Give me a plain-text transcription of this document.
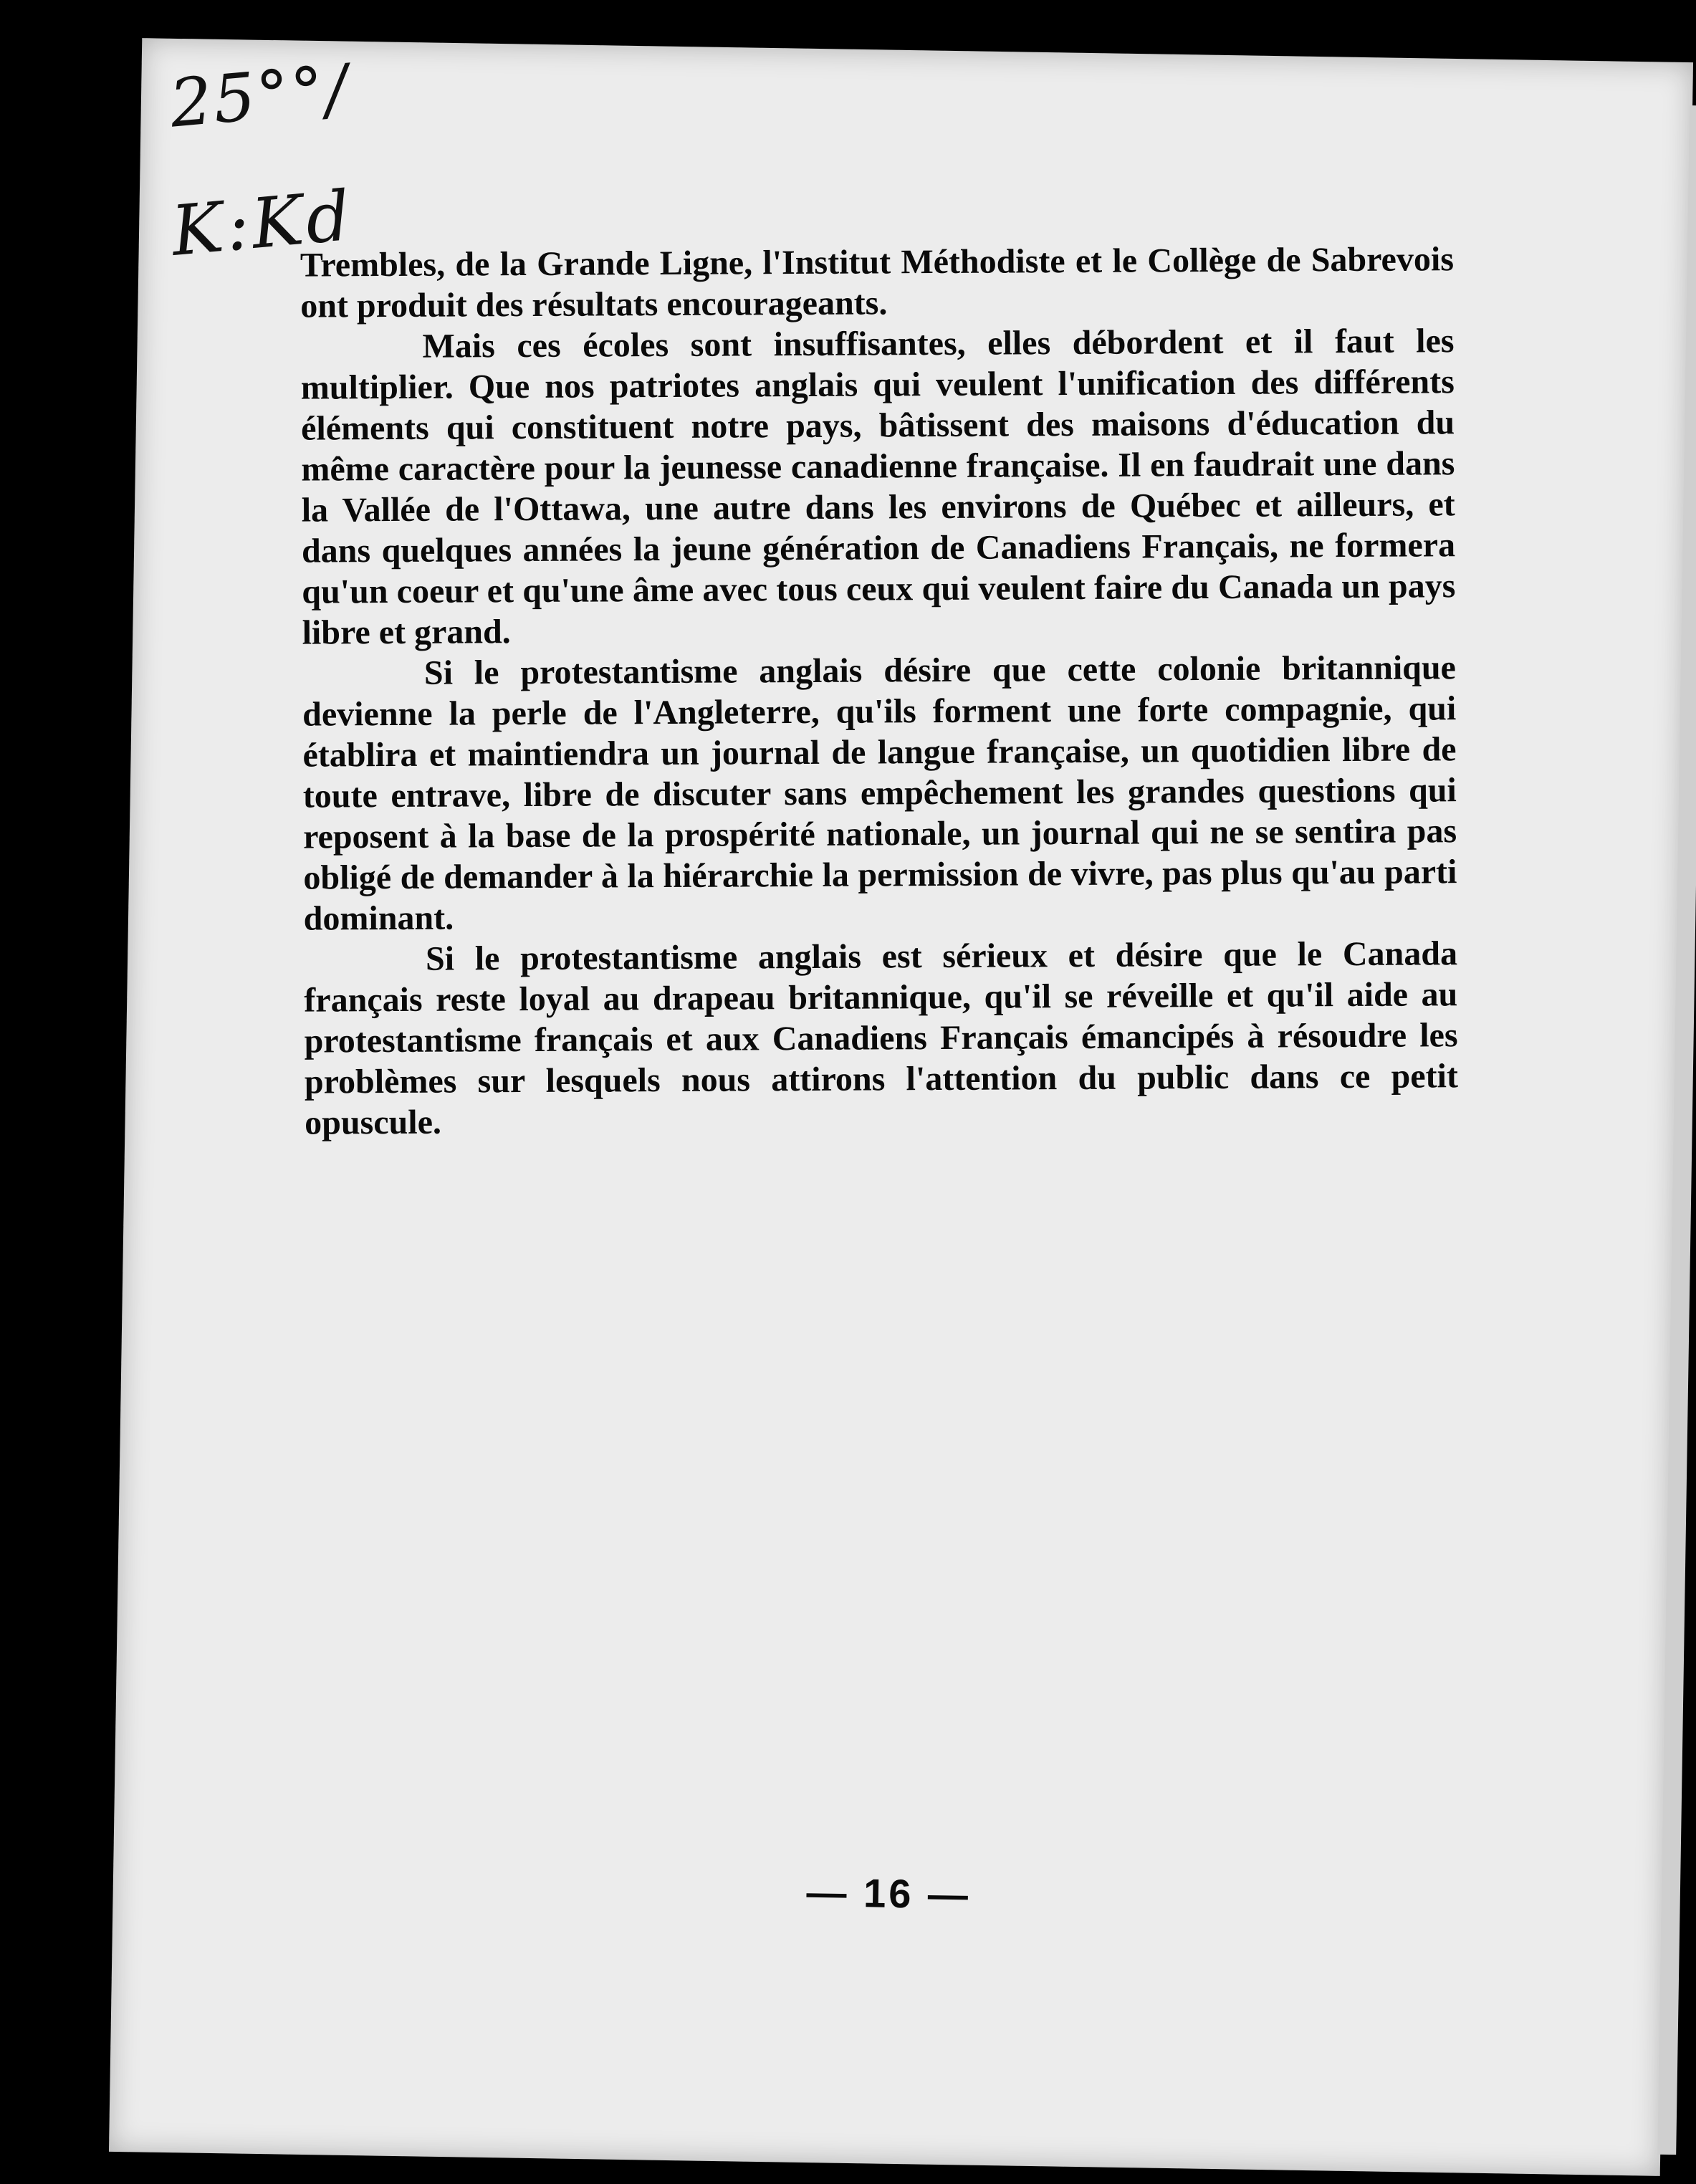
25°°/
K:Kd

Trembles, de la Grande Ligne, l'Institut Méthodiste et le Collège de Sabrevois ont produit des résultats encourageants.

Mais ces écoles sont insuffisantes, elles débordent et il faut les multiplier. Que nos patriotes anglais qui veulent l'unification des différents éléments qui constituent notre pays, bâtissent des maisons d'éducation du même caractère pour la jeunesse canadienne française. Il en faudrait une dans la Vallée de l'Ottawa, une autre dans les environs de Québec et ailleurs, et dans quelques années la jeune génération de Canadiens Français, ne formera qu'un coeur et qu'une âme avec tous ceux qui veulent faire du Canada un pays libre et grand.

Si le protestantisme anglais désire que cette colonie britannique devienne la perle de l'Angleterre, qu'ils forment une forte compagnie, qui établira et maintiendra un journal de langue française, un quotidien libre de toute entrave, libre de discuter sans empêchement les grandes questions qui reposent à la base de la prospérité nationale, un journal qui ne se sentira pas obligé de demander à la hiérarchie la permission de vivre, pas plus qu'au parti dominant.

Si le protestantisme anglais est sérieux et désire que le Canada français reste loyal au drapeau britannique, qu'il se réveille et qu'il aide au protestantisme français et aux Canadiens Français émancipés à résoudre les problèmes sur lesquels nous attirons l'attention du public dans ce petit opuscule.

— 16 —
